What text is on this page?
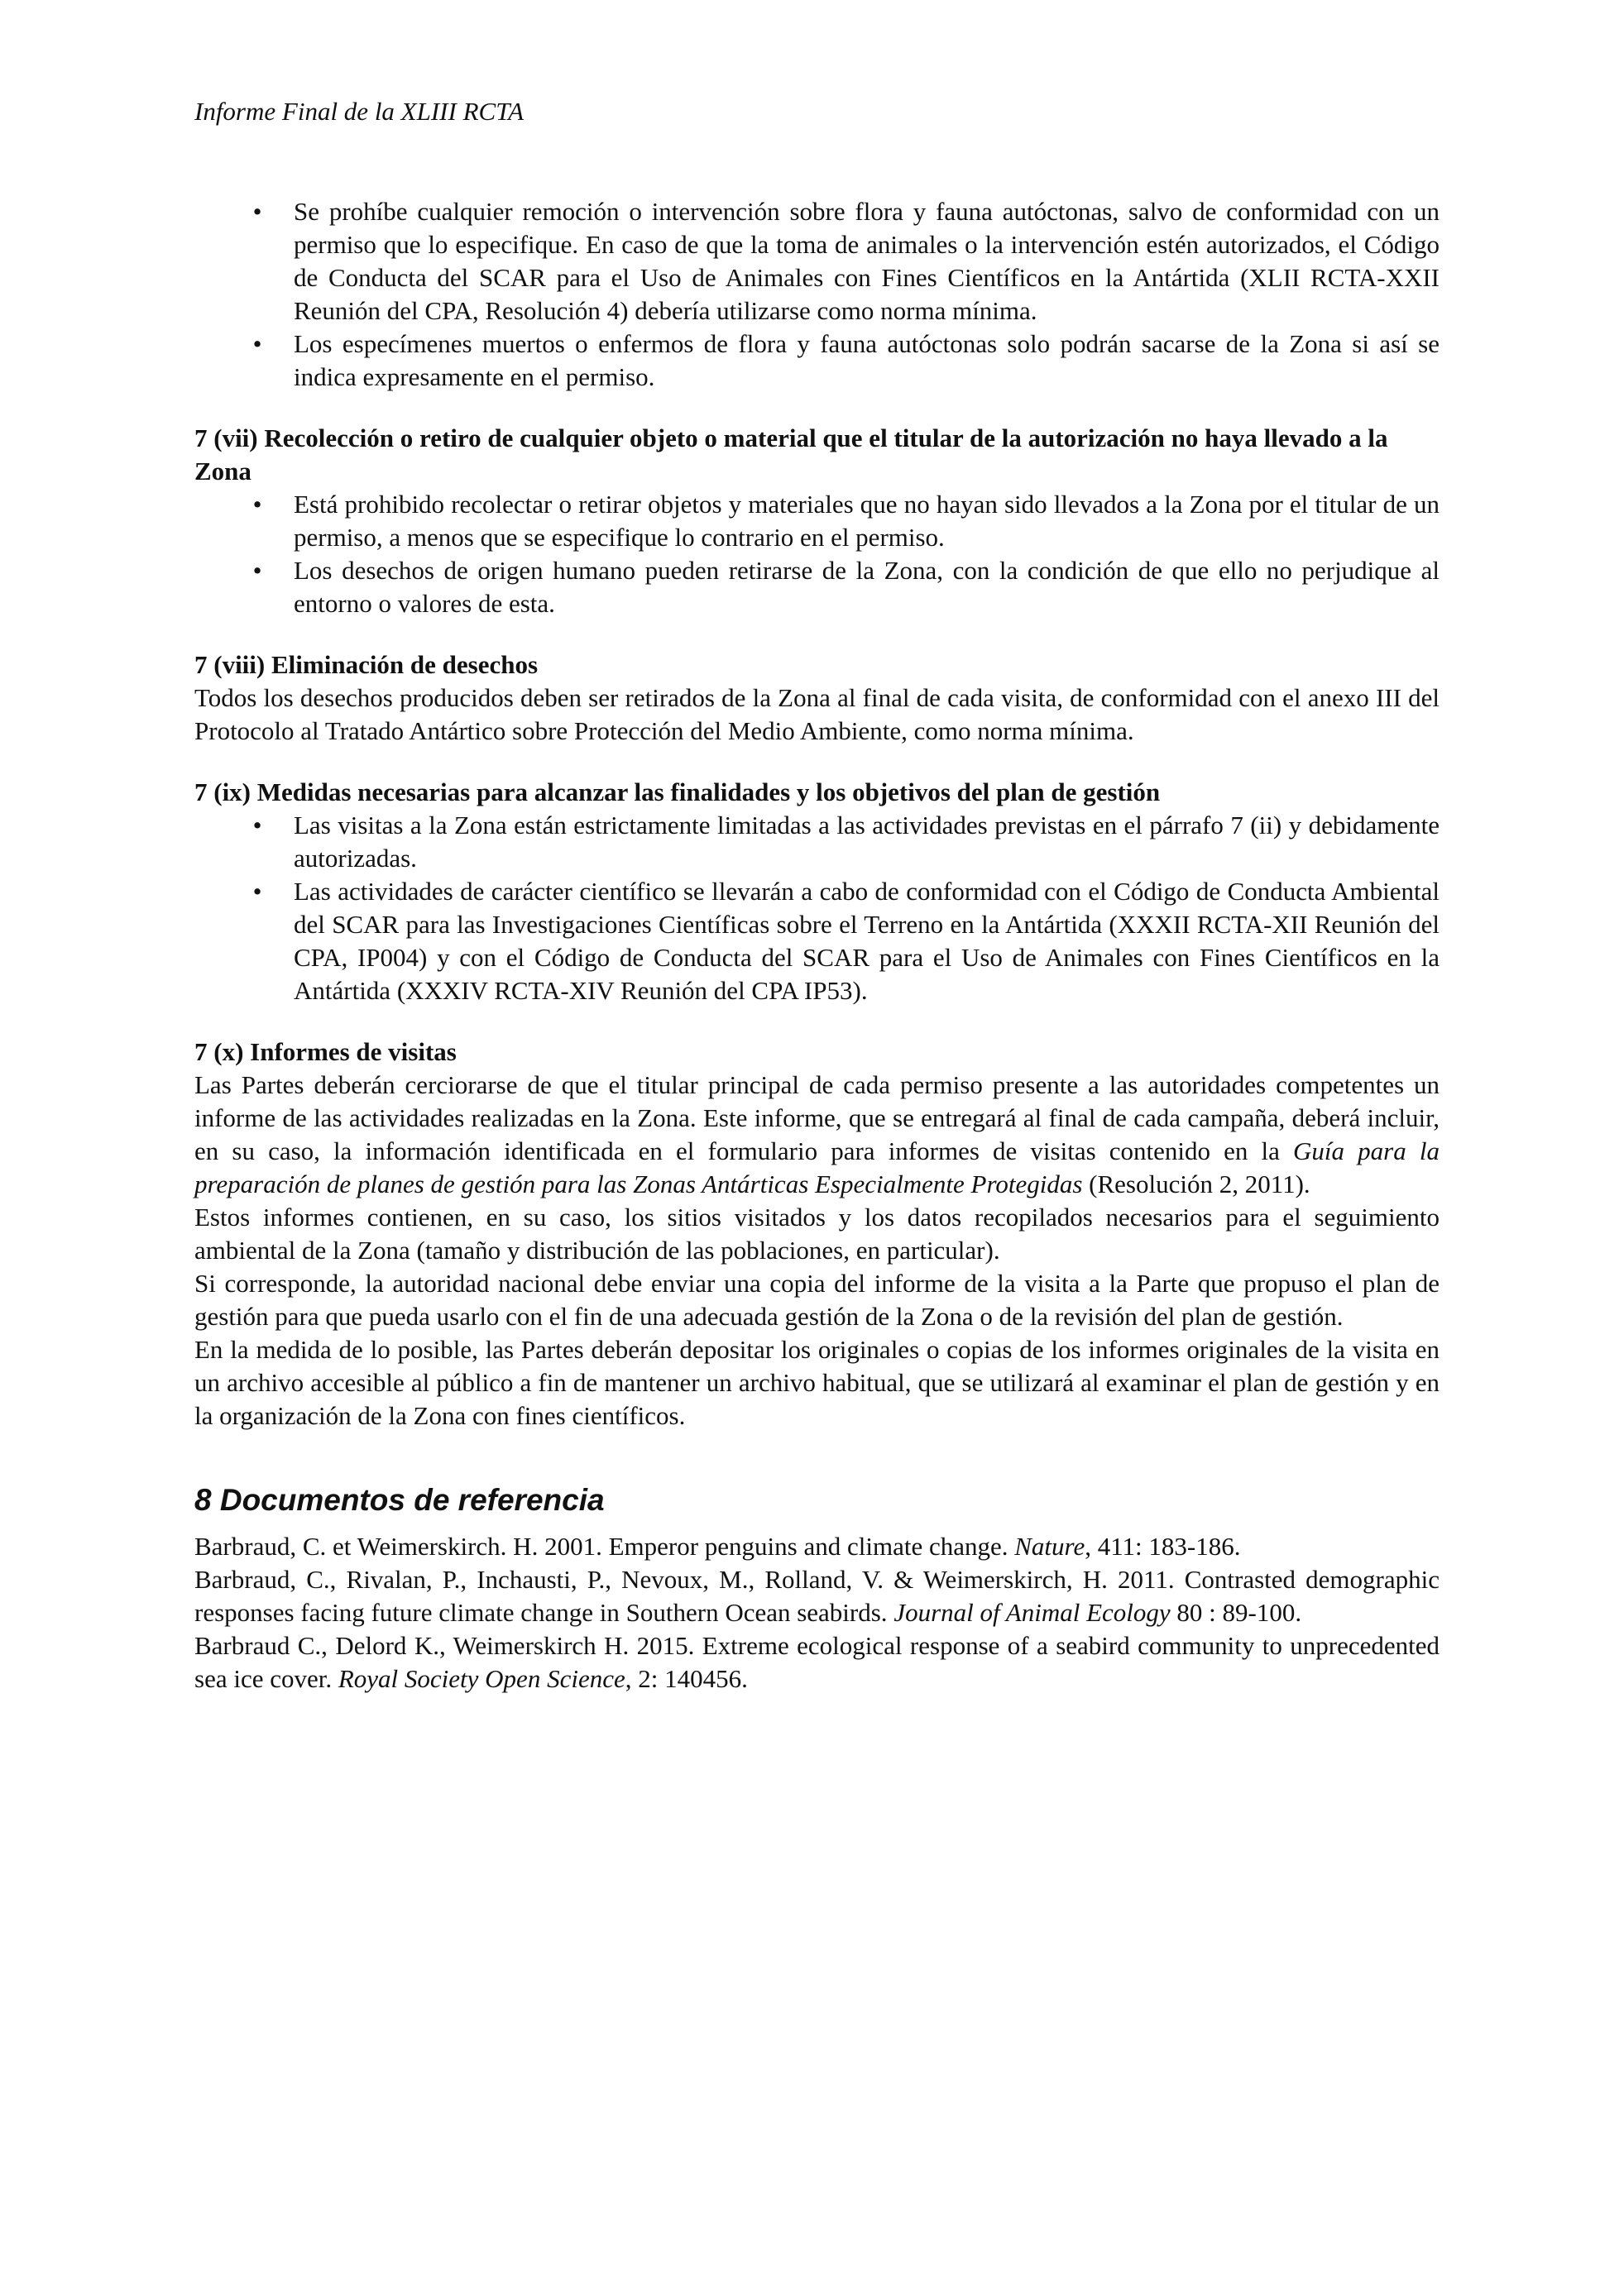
Informe Final de la XLIII RCTA
• Se prohíbe cualquier remoción o intervención sobre flora y fauna autóctonas, salvo de conformidad con un permiso que lo especifique. En caso de que la toma de animales o la intervención estén autorizados, el Código de Conducta del SCAR para el Uso de Animales con Fines Científicos en la Antártida (XLII RCTA-XXII Reunión del CPA, Resolución 4) debería utilizarse como norma mínima.
• Los especímenes muertos o enfermos de flora y fauna autóctonas solo podrán sacarse de la Zona si así se indica expresamente en el permiso.
7 (vii) Recolección o retiro de cualquier objeto o material que el titular de la autorización no haya llevado a la Zona
• Está prohibido recolectar o retirar objetos y materiales que no hayan sido llevados a la Zona por el titular de un permiso, a menos que se especifique lo contrario en el permiso.
• Los desechos de origen humano pueden retirarse de la Zona, con la condición de que ello no perjudique al entorno o valores de esta.
7 (viii) Eliminación de desechos

Todos los desechos producidos deben ser retirados de la Zona al final de cada visita, de conformidad con el anexo III del Protocolo al Tratado Antártico sobre Protección del Medio Ambiente, como norma mínima.

7 (ix) Medidas necesarias para alcanzar las finalidades y los objetivos del plan de gestión
• Las visitas a la Zona están estrictamente limitadas a las actividades previstas en el párrafo 7 (ii) y debidamente autorizadas.
• Las actividades de carácter científico se llevarán a cabo de conformidad con el Código de Conducta Ambiental del SCAR para las Investigaciones Científicas sobre el Terreno en la Antártida (XXXII RCTA-XII Reunión del CPA, IP004) y con el Código de Conducta del SCAR para el Uso de Animales con Fines Científicos en la Antártida (XXXIV RCTA-XIV Reunión del CPA IP53).
7 (x) Informes de visitas

Las Partes deberán cerciorarse de que el titular principal de cada permiso presente a las autoridades competentes un informe de las actividades realizadas en la Zona. Este informe, que se entregará al final de cada campaña, deberá incluir, en su caso, la información identificada en el formulario para informes de visitas contenido en la Guía para la preparación de planes de gestión para las Zonas Antárticas Especialmente Protegidas (Resolución 2, 2011).

Estos informes contienen, en su caso, los sitios visitados y los datos recopilados necesarios para el seguimiento ambiental de la Zona (tamaño y distribución de las poblaciones, en particular).

Si corresponde, la autoridad nacional debe enviar una copia del informe de la visita a la Parte que propuso el plan de gestión para que pueda usarlo con el fin de una adecuada gestión de la Zona o de la revisión del plan de gestión.

En la medida de lo posible, las Partes deberán depositar los originales o copias de los informes originales de la visita en un archivo accesible al público a fin de mantener un archivo habitual, que se utilizará al examinar el plan de gestión y en la organización de la Zona con fines científicos.

8 Documentos de referencia

Barbraud, C. et Weimerskirch. H. 2001. Emperor penguins and climate change. Nature, 411: 183-186.

Barbraud, C., Rivalan, P., Inchausti, P., Nevoux, M., Rolland, V. & Weimerskirch, H. 2011. Contrasted demographic responses facing future climate change in Southern Ocean seabirds. Journal of Animal Ecology 80 : 89-100.

Barbraud C., Delord K., Weimerskirch H. 2015. Extreme ecological response of a seabird community to unprecedented sea ice cover. Royal Society Open Science, 2: 140456.
